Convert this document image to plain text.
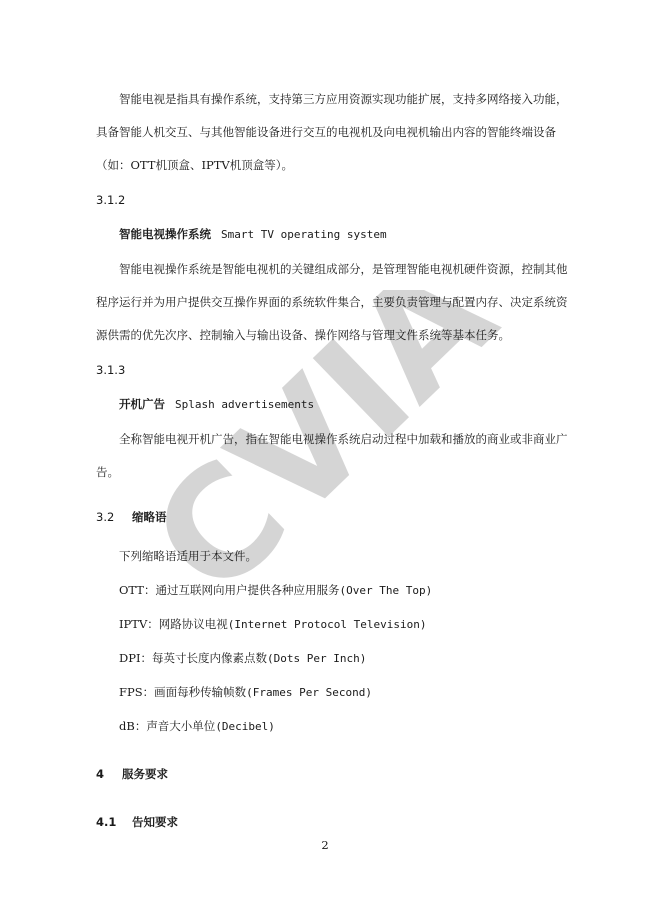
CVIA
智能电视是指具有操作系统，支持第三方应用资源实现功能扩展，支持多网络接入功能，具备智能人机交互、与其他智能设备进行交互的电视机及向电视机输出内容的智能终端设备（如：OTT机顶盒、IPTV机顶盒等）。
3.1.2
智能电视操作系统 Smart TV operating system
智能电视操作系统是智能电视机的关键组成部分，是管理智能电视机硬件资源，控制其他程序运行并为用户提供交互操作界面的系统软件集合，主要负责管理与配置内存、决定系统资源供需的优先次序、控制输入与输出设备、操作网络与管理文件系统等基本任务。
3.1.3
开机广告 Splash advertisements
全称智能电视开机广告，指在智能电视操作系统启动过程中加载和播放的商业或非商业广告。
3.2 缩略语
下列缩略语适用于本文件。
OTT：通过互联网向用户提供各种应用服务(Over The Top)
IPTV：网路协议电视(Internet Protocol Television)
DPI：每英寸长度内像素点数(Dots Per Inch)
FPS：画面每秒传输帧数(Frames Per Second)
dB：声音大小单位(Decibel)
4 服务要求
4.1 告知要求
2
